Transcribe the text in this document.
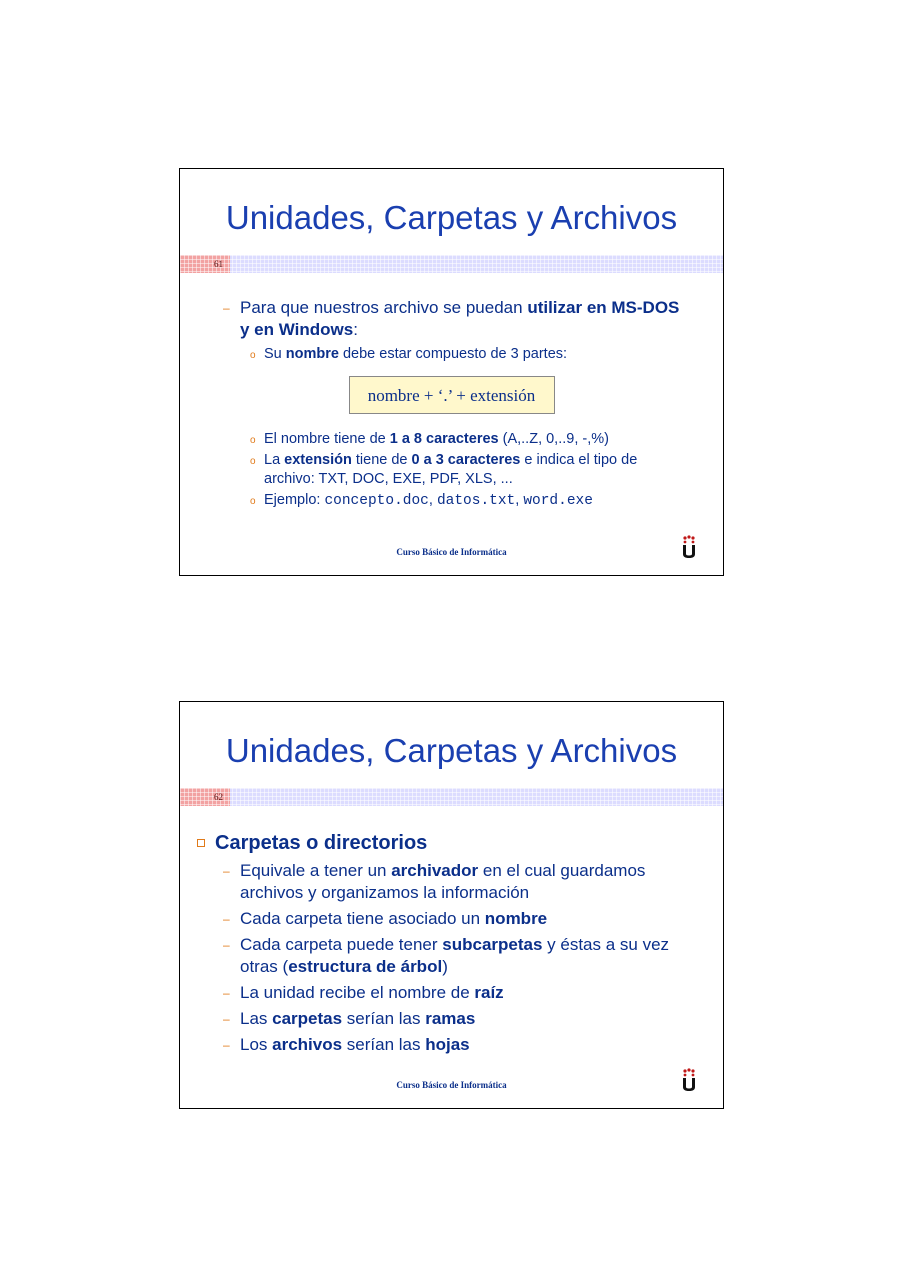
Unidades, Carpetas y Archivos
61
– Para que nuestros archivo se puedan utilizar en MS-DOS y en Windows:
o Su nombre debe estar compuesto de 3 partes:
nombre + ‘.’ + extensión
o El nombre tiene de 1 a 8 caracteres (A,..Z, 0,..9, -,%)
o La extensión tiene de 0 a 3 caracteres e indica el tipo de archivo: TXT, DOC, EXE, PDF, XLS, ...
o Ejemplo: concepto.doc, datos.txt, word.exe
Curso Básico de Informática
Unidades, Carpetas y Archivos
62
Carpetas o directorios
– Equivale a tener un archivador en el cual guardamos archivos y organizamos la información
– Cada carpeta tiene asociado un nombre
– Cada carpeta puede tener subcarpetas y éstas a su vez otras (estructura de árbol)
– La unidad recibe el nombre de raíz
– Las carpetas serían las ramas
– Los archivos serían las hojas
Curso Básico de Informática
